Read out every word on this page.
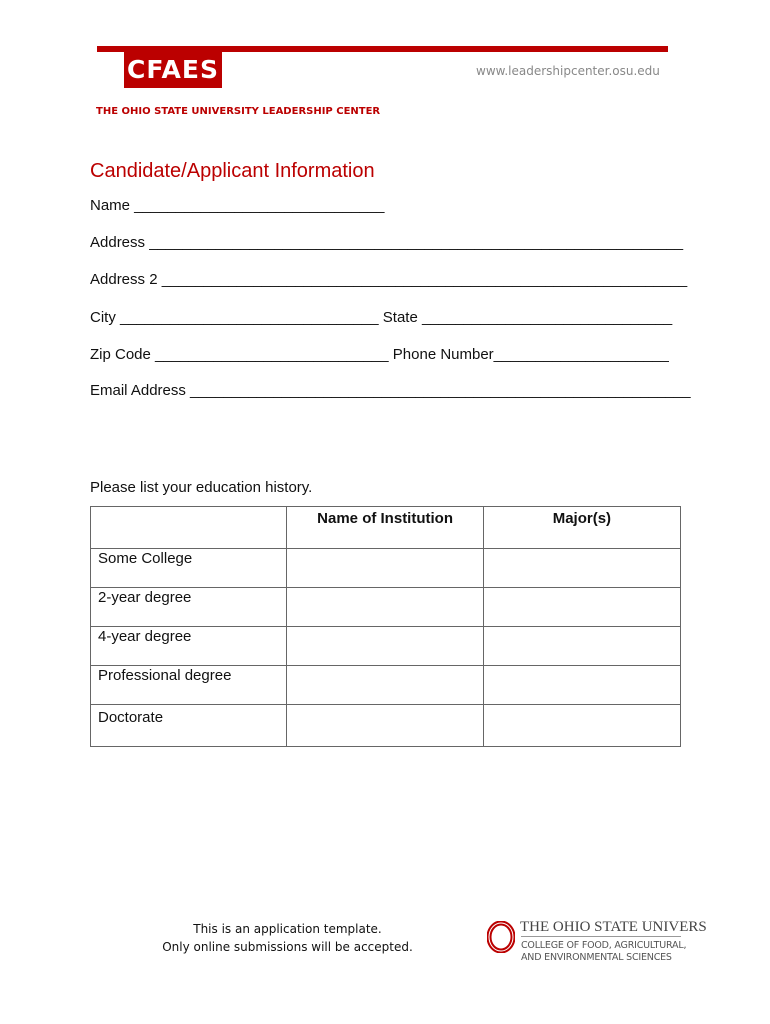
CFAES	www.leadershipcenter.osu.edu
THE OHIO STATE UNIVERSITY LEADERSHIP CENTER
Candidate/Applicant Information
Name ______________________________
Address ________________________________________________________________
Address 2 _______________________________________________________________
City _______________________________ State ______________________________
Zip Code ____________________________ Phone Number_____________________
Email Address ____________________________________________________________
Please list your education history.
	Name of Institution	Major(s)
Some College		
2-year degree		
4-year degree		
Professional degree		
Doctorate		
This is an application template.
Only online submissions will be accepted.
THE OHIO STATE UNIVERS
COLLEGE OF FOOD, AGRICULTURAL,
AND ENVIRONMENTAL SCIENCES
